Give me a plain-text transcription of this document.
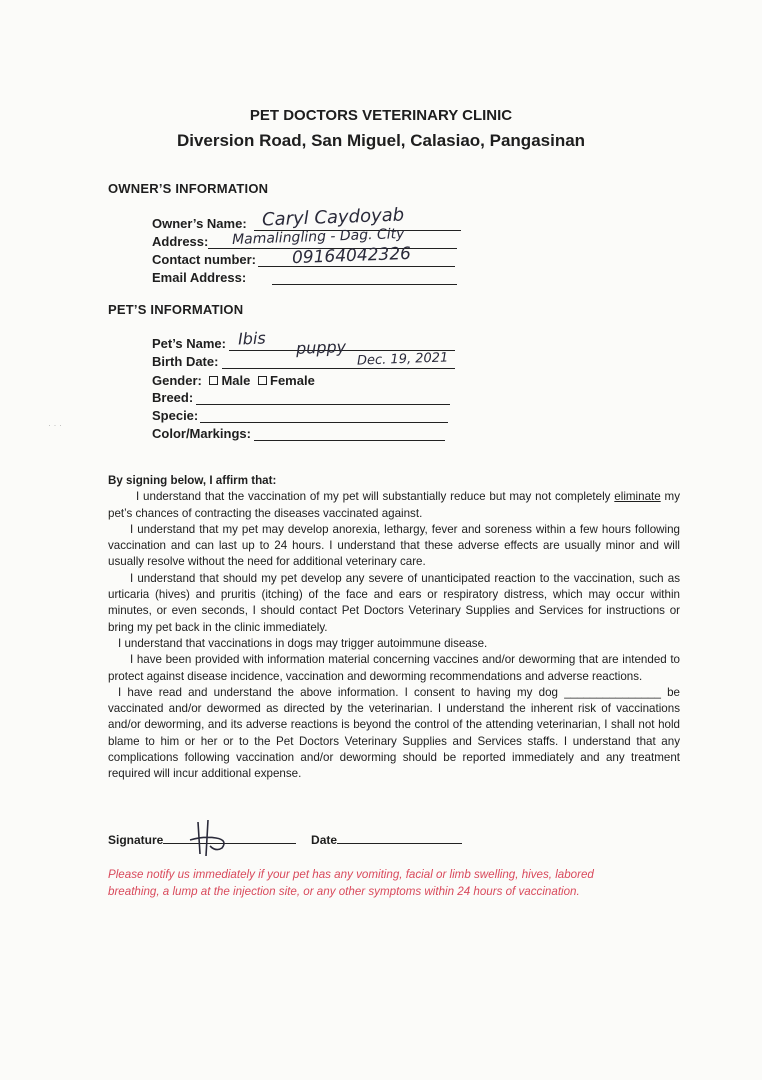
PET DOCTORS VETERINARY CLINIC
Diversion Road, San Miguel, Calasiao, Pangasinan
OWNER’S INFORMATION
Owner’s Name: Caryl Caydoyab
Address: Mamalingling - Dag. City
Contact number: 09164042326
Email Address:
PET’S INFORMATION
Pet’s Name: Ibis puppy
Birth Date:	Dec. 19, 2021
Gender: Male Female
Breed:
Specie:
Color/Markings:

By signing below, I affirm that:

I understand that the vaccination of my pet will substantially reduce but may not completely eliminate my pet’s chances of contracting the diseases vaccinated against.

I understand that my pet may develop anorexia, lethargy, fever and soreness within a few hours following vaccination and can last up to 24 hours. I understand that these adverse effects are usually minor and will usually resolve without the need for additional veterinary care.

I understand that should my pet develop any severe of unanticipated reaction to the vaccination, such as urticaria (hives) and pruritis (itching) of the face and ears or respiratory distress, which may occur within minutes, or even seconds, I should contact Pet Doctors Veterinary Supplies and Services for instructions or bring my pet back in the clinic immediately.

I understand that vaccinations in dogs may trigger autoimmune disease.

I have been provided with information material concerning vaccines and/or deworming that are intended to protect against disease incidence, vaccination and deworming recommendations and adverse reactions.

I have read and understand the above information. I consent to having my dog _______________ be vaccinated and/or dewormed as directed by the veterinarian. I understand the inherent risk of vaccinations and/or deworming, and its adverse reactions is beyond the control of the attending veterinarian, I shall not hold blame to him or her or to the Pet Doctors Veterinary Supplies and Services staffs. I understand that any complications following vaccination and/or deworming should be reported immediately and any treatment required will incur additional expense.

Signature	Date
Please notify us immediately if your pet has any vomiting, facial or limb swelling, hives, labored breathing, a lump at the injection site, or any other symptoms within 24 hours of vaccination.
· · ·
